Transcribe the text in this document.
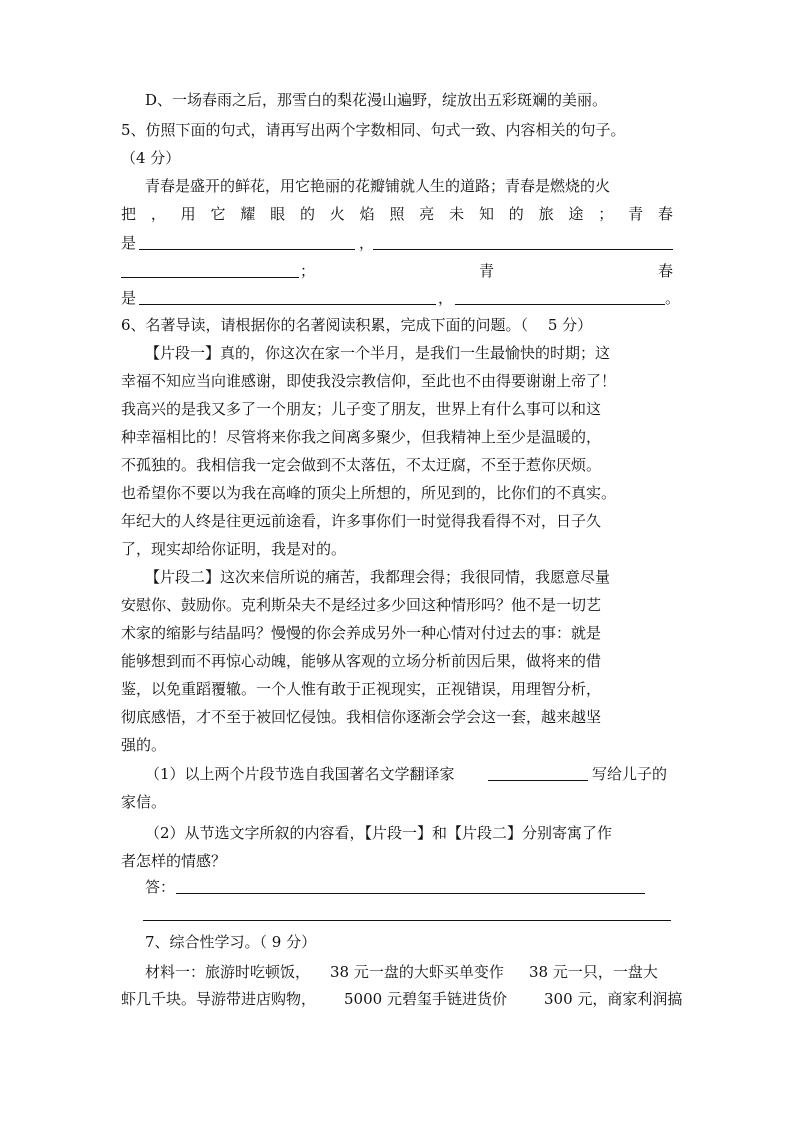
D、一场春雨之后，那雪白的梨花漫山遍野，绽放出五彩斑斓的美丽。
5、仿照下面的句式，请再写出两个字数相同、句式一致、内容相关的句子。
（4 分）
青春是盛开的鲜花，用它艳丽的花瓣铺就人生的道路；青春是燃烧的火
把 ， 用 它 耀 眼 的 火 焰 照 亮 未 知 的 旅 途 ； 青 春
是	，
；	青	春
是	，	。
6、名著导读，请根据你的名著阅读积累，完成下面的问题。（　 5 分）
【片段一】真的，你这次在家一个半月，是我们一生最愉快的时期；这
幸福不知应当向谁感谢，即使我没宗教信仰，至此也不由得要谢谢上帝了！
我高兴的是我又多了一个朋友；儿子变了朋友，世界上有什么事可以和这
种幸福相比的！尽管将来你我之间离多聚少，但我精神上至少是温暖的，
不孤独的。我相信我一定会做到不太落伍，不太迂腐，不至于惹你厌烦。
也希望你不要以为我在高峰的顶尖上所想的，所见到的，比你们的不真实。
年纪大的人终是往更远前途看，许多事你们一时觉得我看得不对，日子久
了，现实却给你证明，我是对的。
【片段二】这次来信所说的痛苦，我都理会得；我很同情，我愿意尽量
安慰你、鼓励你。克利斯朵夫不是经过多少回这种情形吗？他不是一切艺
术家的缩影与结晶吗？慢慢的你会养成另外一种心情对付过去的事：就是
能够想到而不再惊心动魄，能够从客观的立场分析前因后果，做将来的借
鉴，以免重蹈覆辙。一个人惟有敢于正视现实，正视错误，用理智分析，
彻底感悟，才不至于被回忆侵蚀。我相信你逐渐会学会这一套，越来越坚
强的。
（1）以上两个片段节选自我国著名文学翻译家	写给儿子的
家信。
（2）从节选文字所叙的内容看，【片段一】和【片段二】分别寄寓了作
者怎样的情感？
答：
7、综合性学习。（ 9 分）
材料一：旅游时吃顿饭， 38 元一盘的大虾买单变作 38 元一只，一盘大
虾几千块。导游带进店购物， 5000 元碧玺手链进货价 300 元，商家利润搞
